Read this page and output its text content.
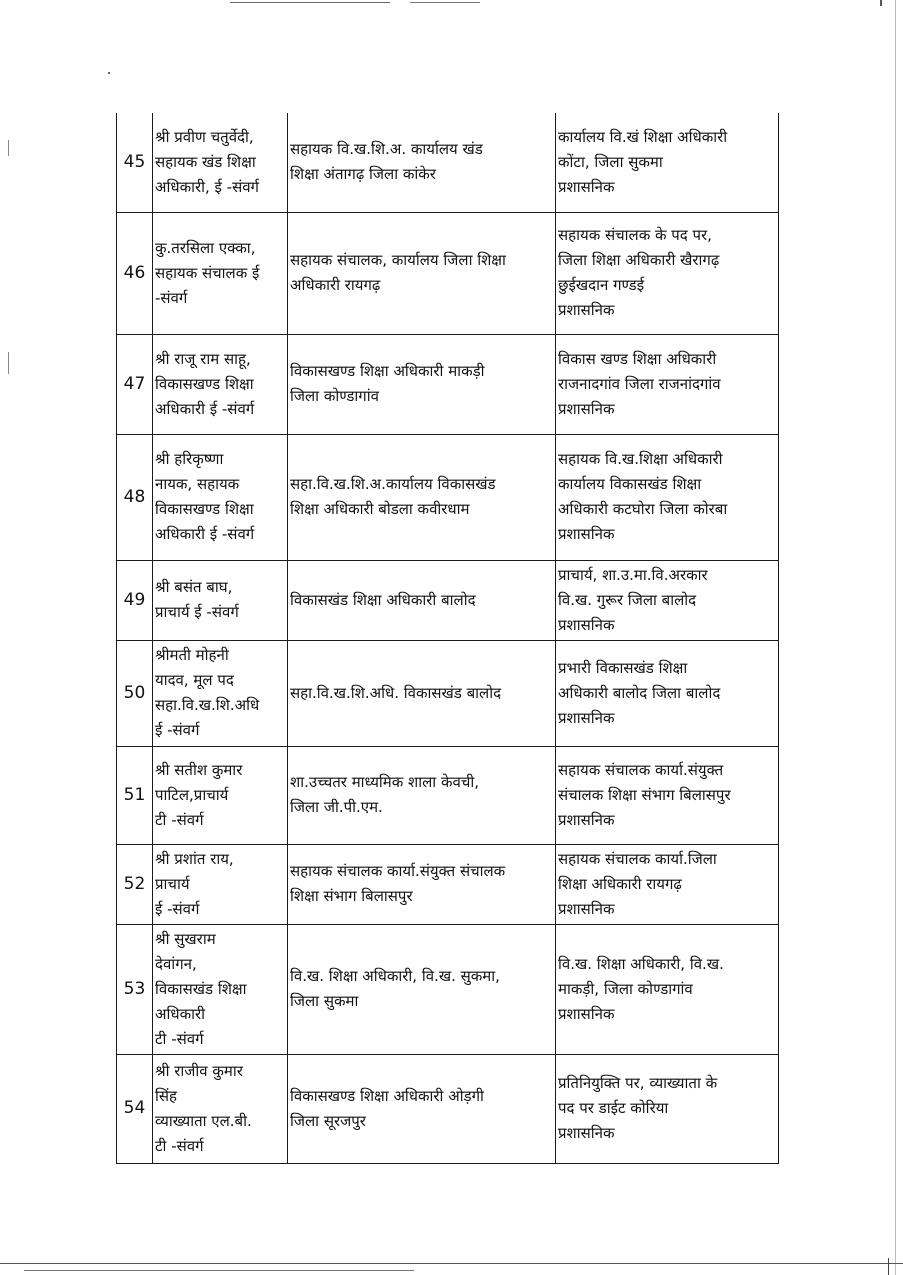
45	श्री प्रवीण चतुर्वेदी,
सहायक खंड शिक्षा
अधिकारी, ई -संवर्ग	सहायक वि.ख.शि.अ. कार्यालय खंड
शिक्षा अंतागढ़ जिला कांकेर	कार्यालय वि.खं शिक्षा अधिकारी
कोंटा, जिला सुकमा
प्रशासनिक

46	कु.तरसिला एक्का,
सहायक संचालक ई
-संवर्ग	सहायक संचालक, कार्यालय जिला शिक्षा
अधिकारी रायगढ़	सहायक संचालक के पद पर,
जिला शिक्षा अधिकारी खैरागढ़
छुईखदान गण्डई
प्रशासनिक

47	श्री राजू राम साहू,
विकासखण्ड शिक्षा
अधिकारी ई -संवर्ग	विकासखण्ड शिक्षा अधिकारी माकड़ी
जिला कोण्डागांव	विकास खण्ड शिक्षा अधिकारी
राजनादगांव जिला राजनांदगांव
प्रशासनिक

48	श्री हरिकृष्णा
नायक, सहायक
विकासखण्ड शिक्षा
अधिकारी ई -संवर्ग	सहा.वि.ख.शि.अ.कार्यालय विकासखंड
शिक्षा अधिकारी बोडला कवीरधाम	सहायक वि.ख.शिक्षा अधिकारी
कार्यालय विकासखंड शिक्षा
अधिकारी कटघोरा जिला कोरबा
प्रशासनिक

49	श्री बसंत बाघ,
प्राचार्य ई -संवर्ग	विकासखंड शिक्षा अधिकारी बालोद	प्राचार्य, शा.उ.मा.वि.अरकार
वि.ख. गुरूर जिला बालोद
प्रशासनिक

50	श्रीमती मोहनी
यादव, मूल पद
सहा.वि.ख.शि.अधि
ई -संवर्ग	सहा.वि.ख.शि.अधि. विकासखंड बालोद	प्रभारी विकासखंड शिक्षा
अधिकारी बालोद जिला बालोद
प्रशासनिक

51	श्री सतीश कुमार
पाटिल,प्राचार्य
टी -संवर्ग	शा.उच्चतर माध्यमिक शाला केवची,
जिला जी.पी.एम.	सहायक संचालक कार्या.संयुक्त
संचालक शिक्षा संभाग बिलासपुर
प्रशासनिक

52	श्री प्रशांत राय,
प्राचार्य
ई -संवर्ग	सहायक संचालक कार्या.संयुक्त संचालक
शिक्षा संभाग बिलासपुर	सहायक संचालक कार्या.जिला
शिक्षा अधिकारी रायगढ़
प्रशासनिक

53	श्री सुखराम
देवांगन,
विकासखंड शिक्षा
अधिकारी
टी -संवर्ग	वि.ख. शिक्षा अधिकारी, वि.ख. सुकमा,
जिला सुकमा	वि.ख. शिक्षा अधिकारी, वि.ख.
माकड़ी, जिला कोण्डागांव
प्रशासनिक

54	श्री राजीव कुमार
सिंह
व्याख्याता एल.बी.
टी -संवर्ग	विकासखण्ड शिक्षा अधिकारी ओड़गी
जिला सूरजपुर	प्रतिनियुक्ति पर, व्याख्याता के
पद पर डाईट कोरिया
प्रशासनिक
